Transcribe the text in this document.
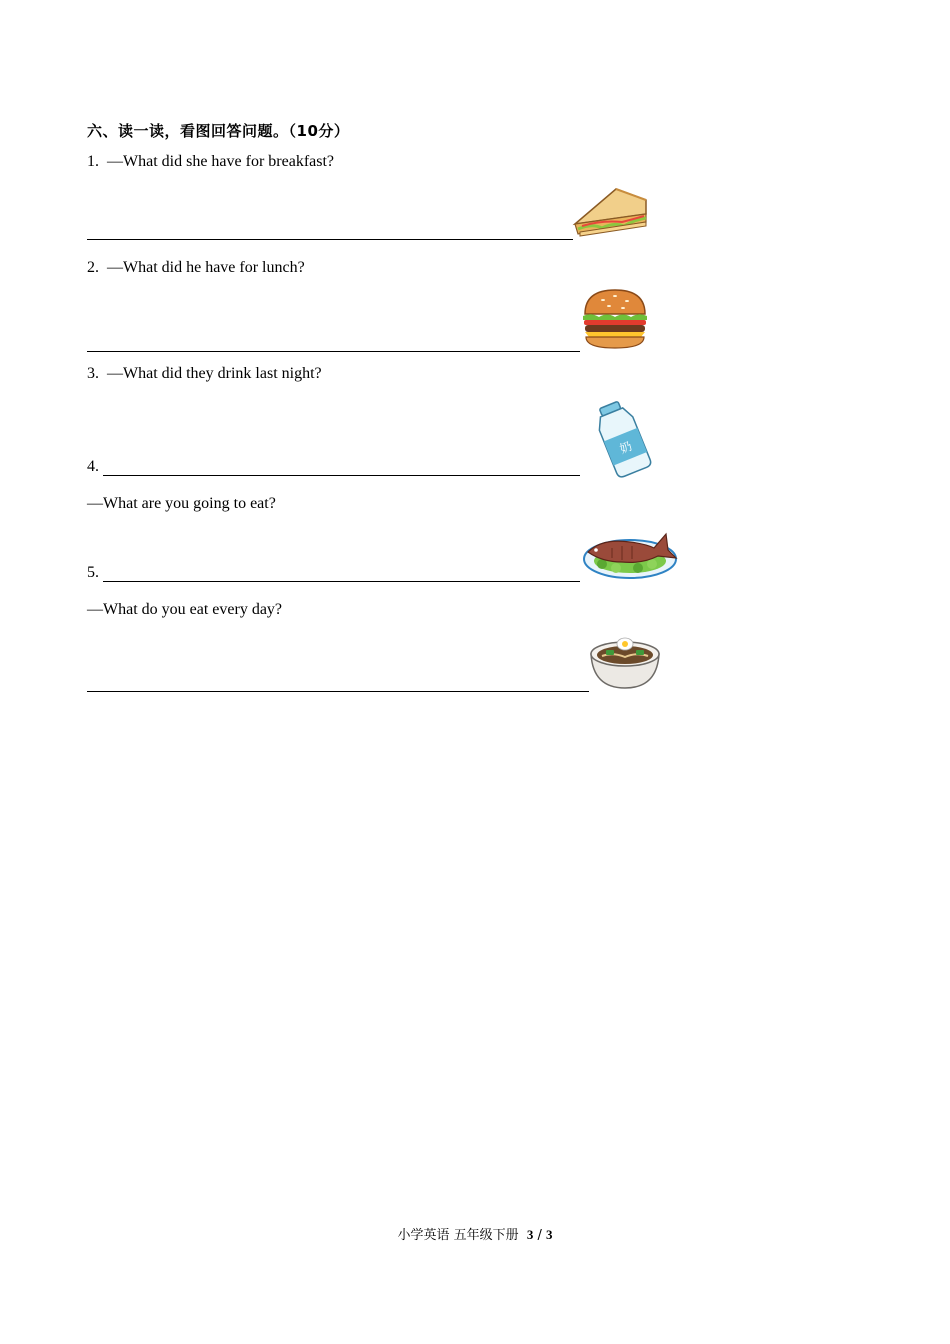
六、读一读，看图回答问题。（10分）
1. —What did she have for breakfast?
2. —What did he have for lunch?
3. —What did they drink last night?
4.
—What are you going to eat?
5.
—What do you eat every day?
奶
小学英语 五年级下册 3 / 3
